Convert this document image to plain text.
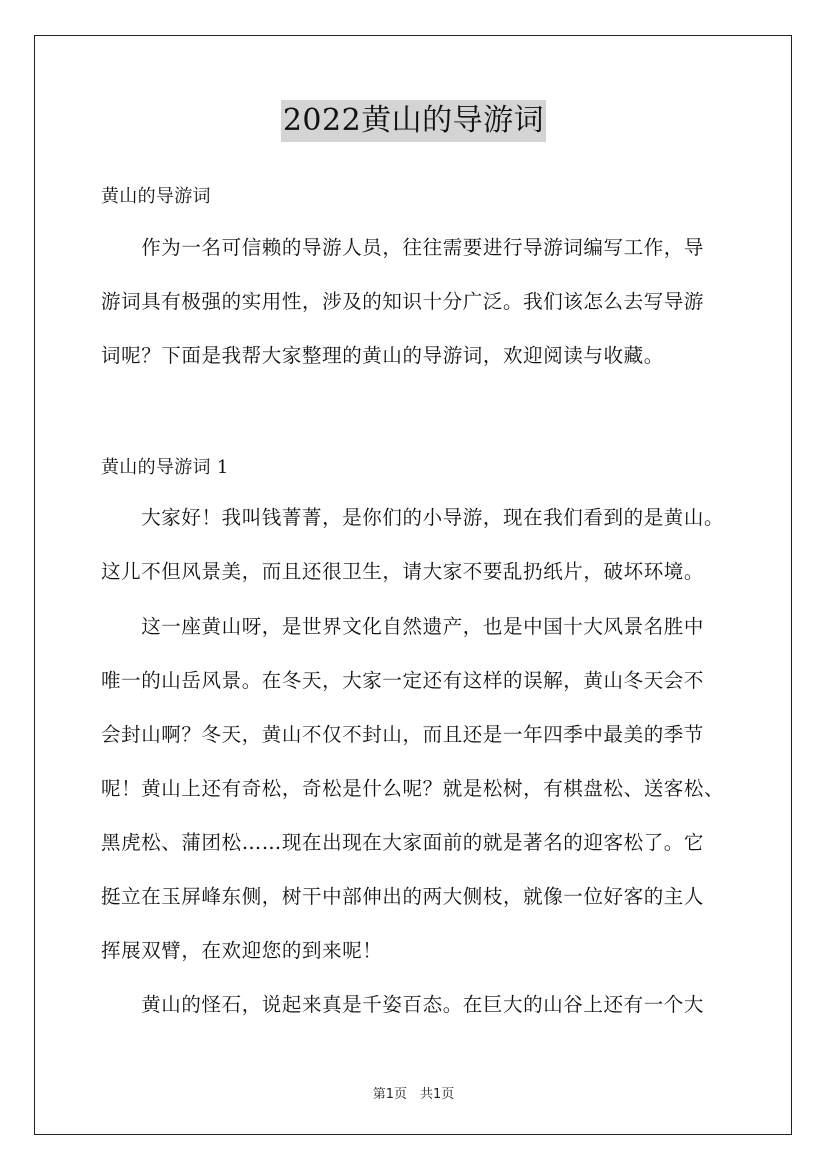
2022黄山的导游词
黄山的导游词
　　作为一名可信赖的导游人员，往往需要进行导游词编写工作，导
游词具有极强的实用性，涉及的知识十分广泛。我们该怎么去写导游
词呢？下面是我帮大家整理的黄山的导游词，欢迎阅读与收藏。
黄山的导游词 1
　　大家好！我叫钱菁菁，是你们的小导游，现在我们看到的是黄山。
这儿不但风景美，而且还很卫生，请大家不要乱扔纸片，破坏环境。
　　这一座黄山呀，是世界文化自然遗产，也是中国十大风景名胜中
唯一的山岳风景。在冬天，大家一定还有这样的误解，黄山冬天会不
会封山啊？冬天，黄山不仅不封山，而且还是一年四季中最美的季节
呢！黄山上还有奇松，奇松是什么呢？就是松树，有棋盘松、送客松、
黑虎松、蒲团松……现在出现在大家面前的就是著名的迎客松了。它
挺立在玉屏峰东侧，树干中部伸出的两大侧枝，就像一位好客的主人
挥展双臂，在欢迎您的到来呢！
　　黄山的怪石，说起来真是千姿百态。在巨大的山谷上还有一个大
第1页　共1页
